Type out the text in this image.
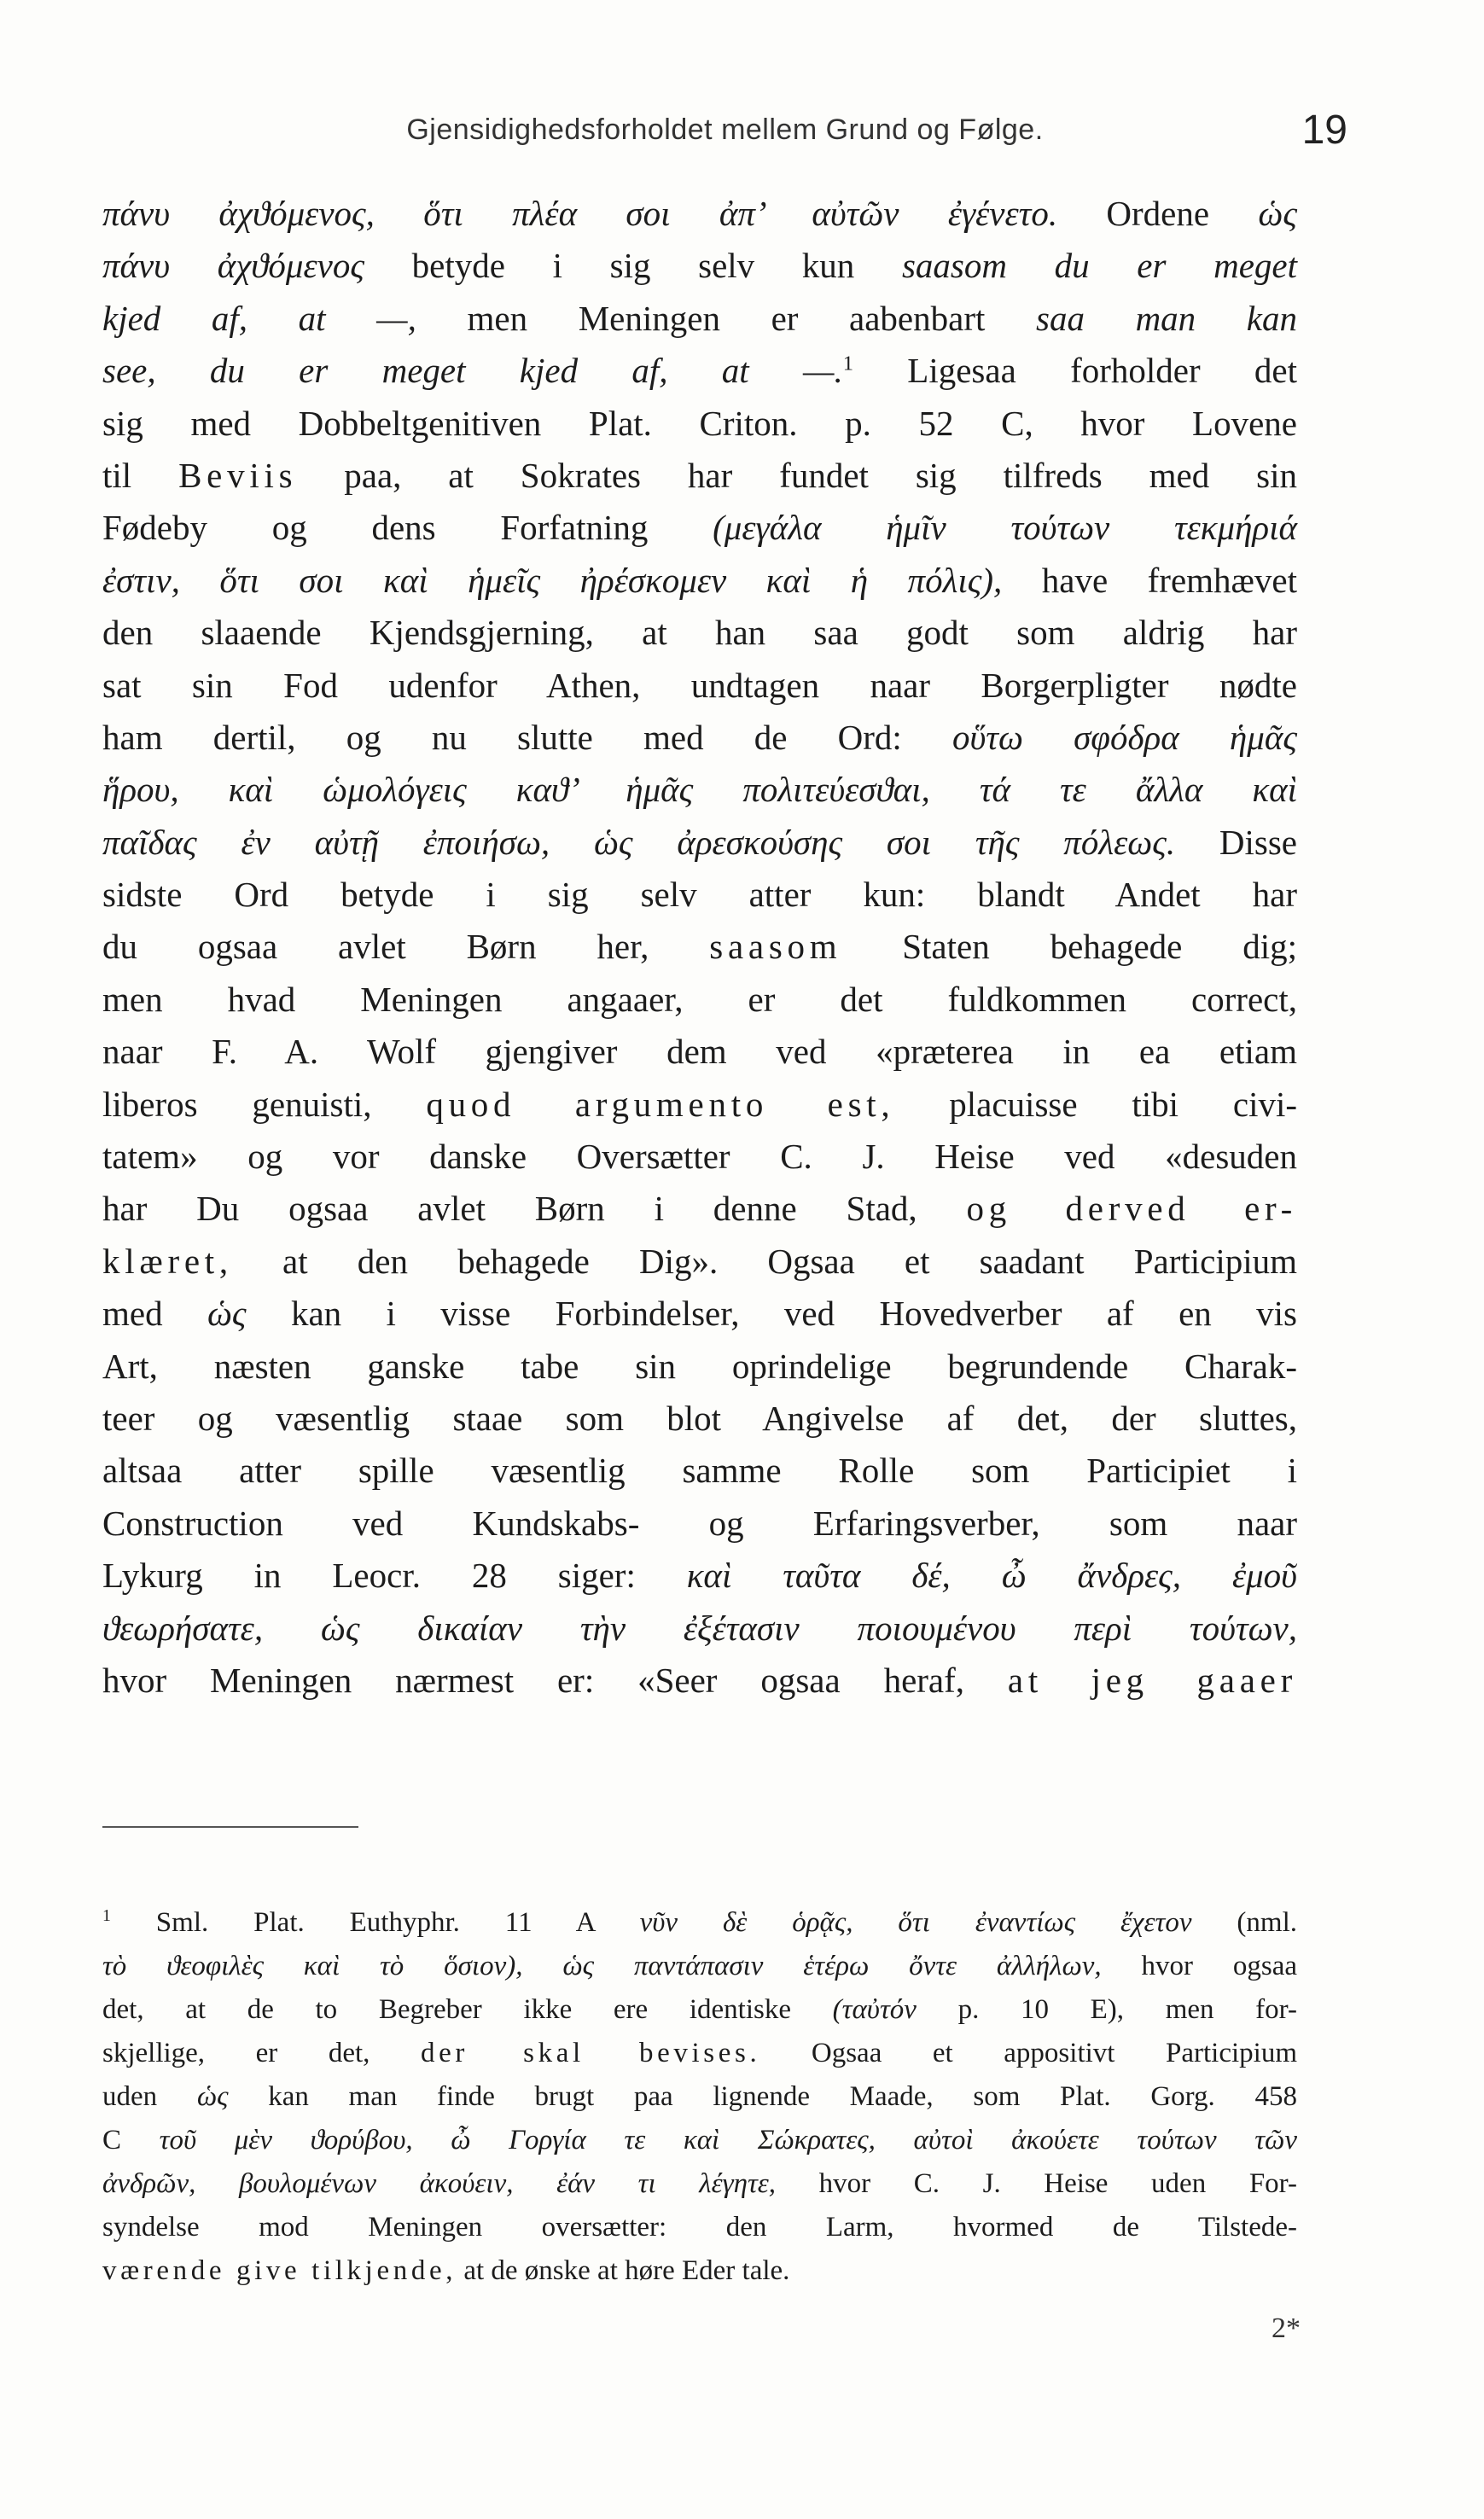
Gjensidighedsforholdet mellem Grund og Følge.	19
πάνυ ἀχϑόμενος, ὅτι πλέα σοι ἀπ’ αὐτῶν ἐγένετο. Ordene ὡς
πάνυ ἀχϑόμενος betyde i sig selv kun saasom du er meget
kjed af, at —, men Meningen er aabenbart saa man kan
see, du er meget kjed af, at —.$^1$ Ligesaa forholder det
sig med Dobbeltgenitiven Plat. Criton. p. 52 C, hvor Lovene
til Beviis paa, at Sokrates har fundet sig tilfreds med sin
Fødeby og dens Forfatning (μεγάλα ἡμῖν τούτων τεκμήριά
ἐστιν, ὅτι σοι καὶ ἡμεῖς ἠρέσκομεν καὶ ἡ πόλις), have fremhævet
den slaaende Kjendsgjerning, at han saa godt som aldrig har
sat sin Fod udenfor Athen, undtagen naar Borgerpligter nødte
ham dertil, og nu slutte med de Ord: οὕτω σφόδρα ἡμᾶς
ἥρου, καὶ ὡμολόγεις καϑ’ ἡμᾶς πολιτεύεσϑαι, τά τε ἄλλα καὶ
παῖδας ἐν αὐτῇ ἐποιήσω, ὡς ἀρεσκούσης σοι τῆς πόλεως. Disse
sidste Ord betyde i sig selv atter kun: blandt Andet har
du ogsaa avlet Børn her, saasom Staten behagede dig;
men hvad Meningen angaaer, er det fuldkommen correct,
naar F. A. Wolf gjengiver dem ved «præterea in ea etiam
liberos genuisti, quod argumento est, placuisse tibi civi-
tatem» og vor danske Oversætter C. J. Heise ved «desuden
har Du ogsaa avlet Børn i denne Stad, og derved er-
klæret, at den behagede Dig». Ogsaa et saadant Participium
med ὡς kan i visse Forbindelser, ved Hovedverber af en vis
Art, næsten ganske tabe sin oprindelige begrundende Charak-
teer og væsentlig staae som blot Angivelse af det, der sluttes,
altsaa atter spille væsentlig samme Rolle som Participiet i
Construction ved Kundskabs- og Erfaringsverber, som naar
Lykurg in Leocr. 28 siger: καὶ ταῦτα δέ, ὦ ἄνδρες, ἐμοῦ
ϑεωρήσατε, ὡς δικαίαν τὴν ἐξέτασιν ποιουμένου περὶ τούτων,
hvor Meningen nærmest er: «Seer ogsaa heraf, at jeg gaaer
$^1$ Sml. Plat. Euthyphr. 11 A νῦν δὲ ὁρᾷς, ὅτι ἐναντίως ἔχετον (nml.
τὸ ϑεοφιλὲς καὶ τὸ ὅσιον), ὡς παντάπασιν ἑτέρω ὄντε ἀλλήλων, hvor ogsaa
det, at de to Begreber ikke ere identiske (ταὐτόν p. 10 E), men for-
skjellige, er det, der skal bevises. Ogsaa et appositivt Participium
uden ὡς kan man finde brugt paa lignende Maade, som Plat. Gorg. 458
C τοῦ μὲν ϑορύβου, ὦ Γοργία τε καὶ Σώκρατες, αὐτοὶ ἀκούετε τούτων τῶν
ἀνδρῶν, βουλομένων ἀκούειν, ἐάν τι λέγητε, hvor C. J. Heise uden For-
syndelse mod Meningen oversætter: den Larm, hvormed de Tilstede-
værende give tilkjende, at de ønske at høre Eder tale.
2*
